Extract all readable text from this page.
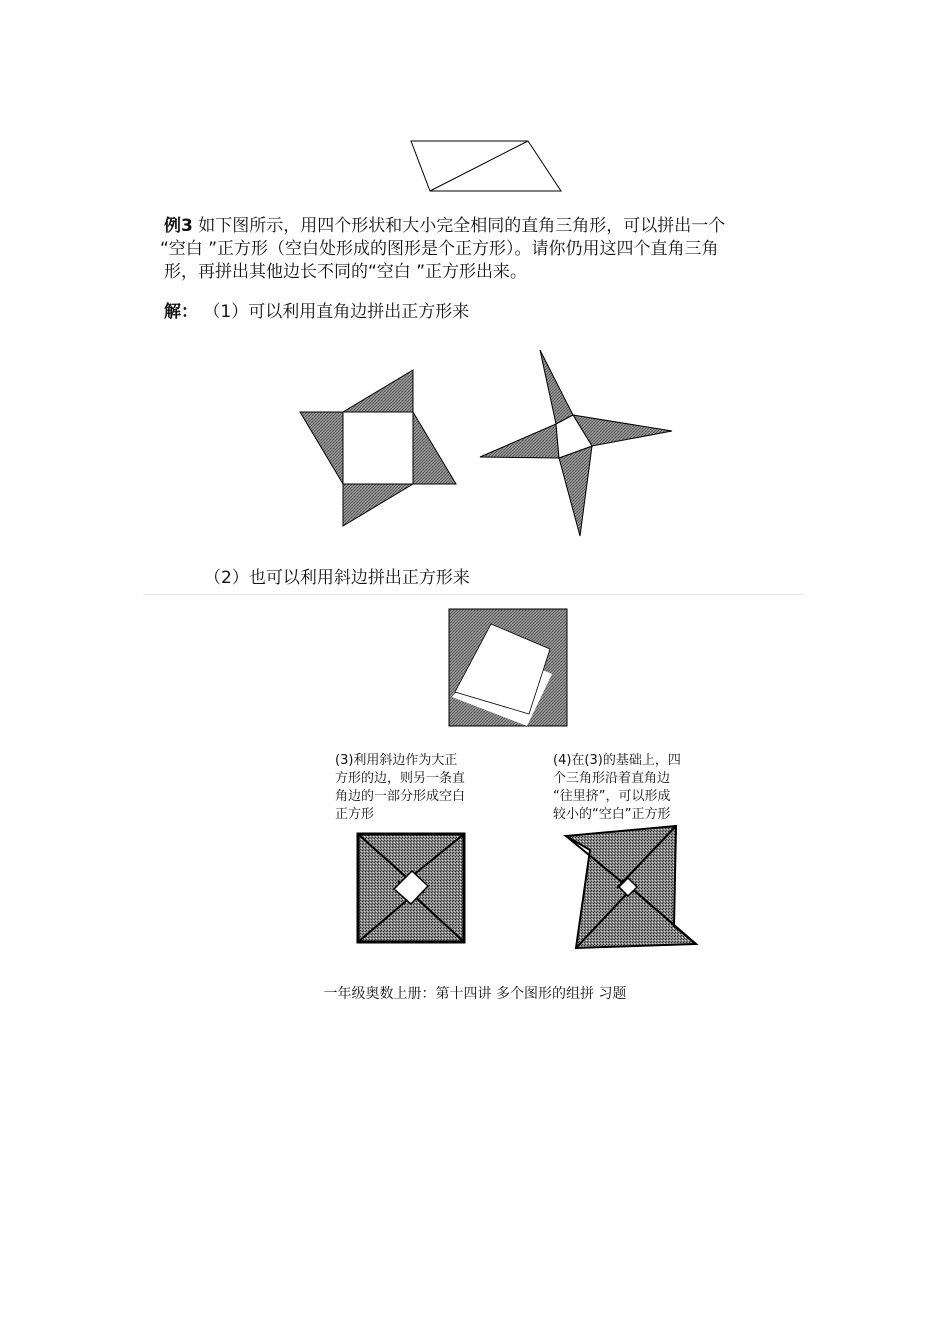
例3 如下图所示，用四个形状和大小完全相同的直角三角形，可以拼出一个
“空白 ”正方形（空白处形成的图形是个正方形）。请你仍用这四个直角三角
形，再拼出其他边长不同的“空白 ”正方形出来。
解： （1）可以利用直角边拼出正方形来
（2）也可以利用斜边拼出正方形来
(3)利用斜边作为大正
方形的边，则另一条直
角边的一部分形成空白
正方形
(4)在(3)的基础上，四
个三角形沿着直角边
“往里挤”，可以形成
较小的“空白”正方形
一年级奥数上册：第十四讲 多个图形的组拼 习题
